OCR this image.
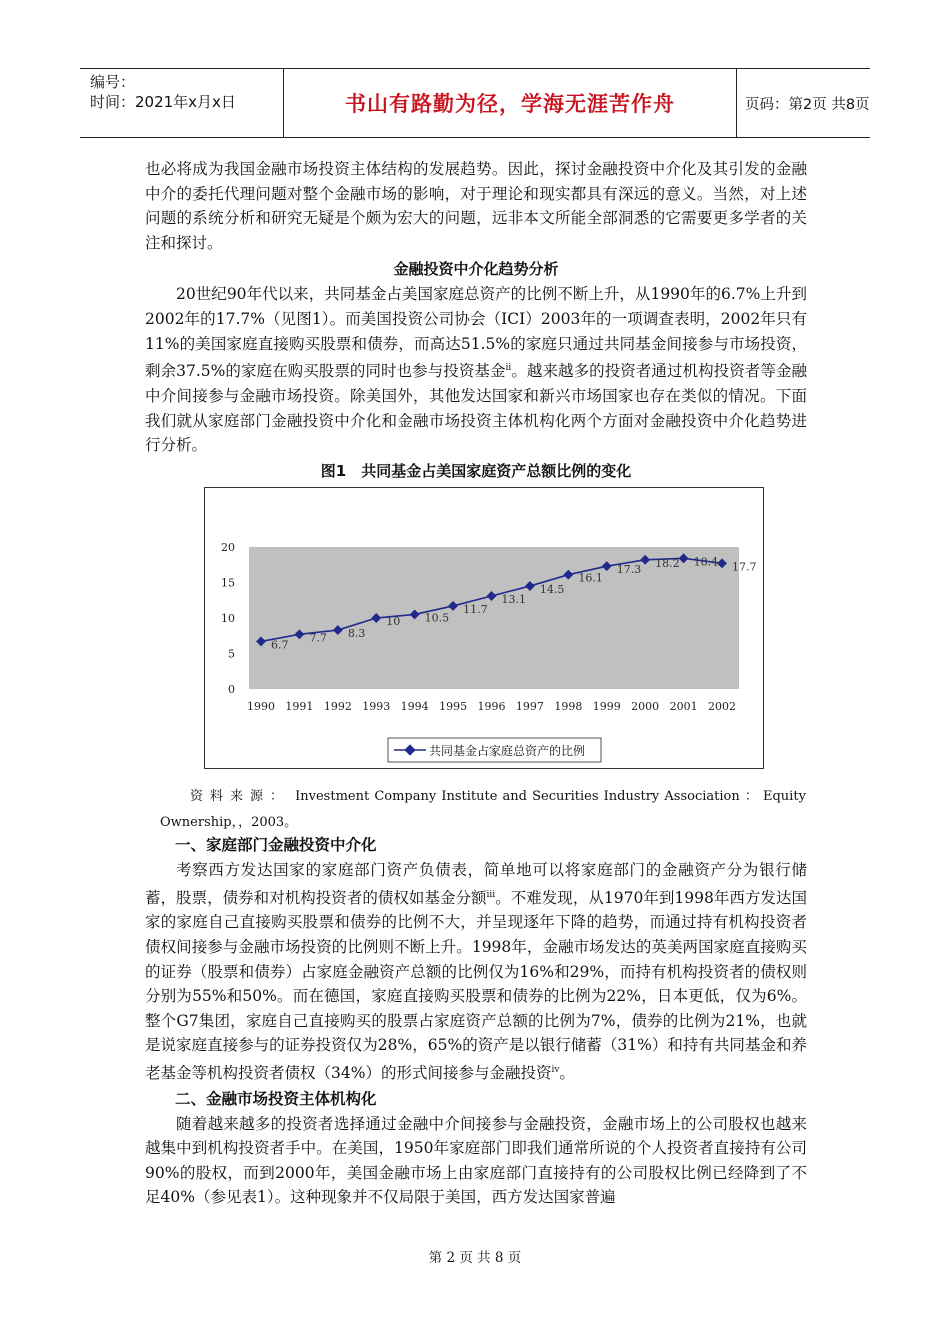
编号：
时间：2021年x月x日	书山有路勤为径，学海无涯苦作舟	页码：第2页 共8页

也必将成为我国金融市场投资主体结构的发展趋势。因此，探讨金融投资中介化及其引发的金融中介的委托代理问题对整个金融市场的影响，对于理论和现实都具有深远的意义。当然，对上述问题的系统分析和研究无疑是个颇为宏大的问题，远非本文所能全部洞悉的它需要更多学者的关注和探讨。

金融投资中介化趋势分析

20世纪90年代以来，共同基金占美国家庭总资产的比例不断上升，从1990年的6.7%上升到2002年的17.7%（见图1）。而美国投资公司协会（ICI）2003年的一项调查表明，2002年只有11%的美国家庭直接购买股票和债券，而高达51.5%的家庭只通过共同基金间接参与市场投资，剩余37.5%的家庭在购买股票的同时也参与投资基金$^{ii}$。越来越多的投资者通过机构投资者等金融中介间接参与金融市场投资。除美国外，其他发达国家和新兴市场国家也存在类似的情况。下面我们就从家庭部门金融投资中介化和金融市场投资主体机构化两个方面对金融投资中介化趋势进行分析。

图1　共同基金占美国家庭资产总额比例的变化
0
5
10
15
20
1990 1991 1992 1993 1994 1995 1996 1997 1998 1999 2000 2001 2002
6.7
7.7 8.3
10 10.5
11.7
13.1
14.5
16.1
17.3 18.2 18.4 17.7
共同基金占家庭总资产的比例
资料来源： Investment Company Institute and Securities Industry Association ： Equity
Ownership，，2003。
一、家庭部门金融投资中介化

考察西方发达国家的家庭部门资产负债表，简单地可以将家庭部门的金融资产分为银行储蓄，股票，债券和对机构投资者的债权如基金分额$^{iii}$。不难发现，从1970年到1998年西方发达国家的家庭自己直接购买股票和债券的比例不大，并呈现逐年下降的趋势，而通过持有机构投资者债权间接参与金融市场投资的比例则不断上升。1998年，金融市场发达的英美两国家庭直接购买的证券（股票和债券）占家庭金融资产总额的比例仅为16%和29%，而持有机构投资者的债权则分别为55%和50%。而在德国，家庭直接购买股票和债券的比例为22%，日本更低，仅为6%。整个G7集团，家庭自己直接购买的股票占家庭资产总额的比例为7%，债券的比例为21%，也就是说家庭直接参与的证券投资仅为28%，65%的资产是以银行储蓄（31%）和持有共同基金和养老基金等机构投资者债权（34%）的形式间接参与金融投资$^{iv}$。

二、金融市场投资主体机构化

随着越来越多的投资者选择通过金融中介间接参与金融投资，金融市场上的公司股权也越来越集中到机构投资者手中。在美国，1950年家庭部门即我们通常所说的个人投资者直接持有公司90%的股权，而到2000年，美国金融市场上由家庭部门直接持有的公司股权比例已经降到了不足40%（参见表1）。这种现象并不仅局限于美国，西方发达国家普遍

第 2 页 共 8 页
